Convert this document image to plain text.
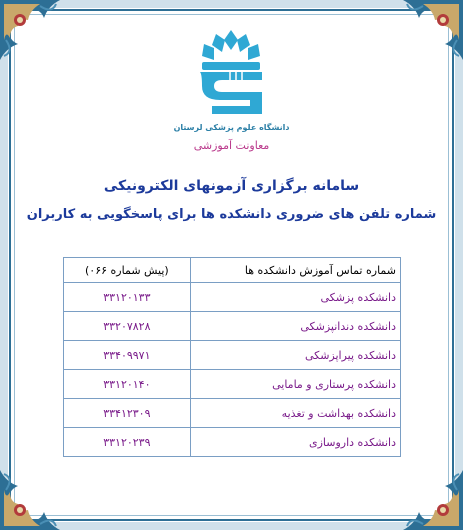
دانشگاه علوم پزشکی لرستان
معاونت آموزشی
سامانه برگزاری آزمونهای الکترونیکی
شماره تلفن های ضروری دانشکده ها برای پاسخگویی به کاربران
شماره تماس آموزش دانشکده ها	(پیش شماره ۰۶۶)
دانشکده پزشکی	۳۳۱۲۰۱۳۳
دانشکده دندانپزشکی	۳۳۲۰۷۸۲۸
دانشکده پیراپزشکی	۳۳۴۰۹۹۷۱
دانشکده پرستاری و مامایی	۳۳۱۲۰۱۴۰
دانشکده بهداشت و تغذیه	۳۳۴۱۲۳۰۹
دانشکده داروسازی	۳۳۱۲۰۲۳۹
